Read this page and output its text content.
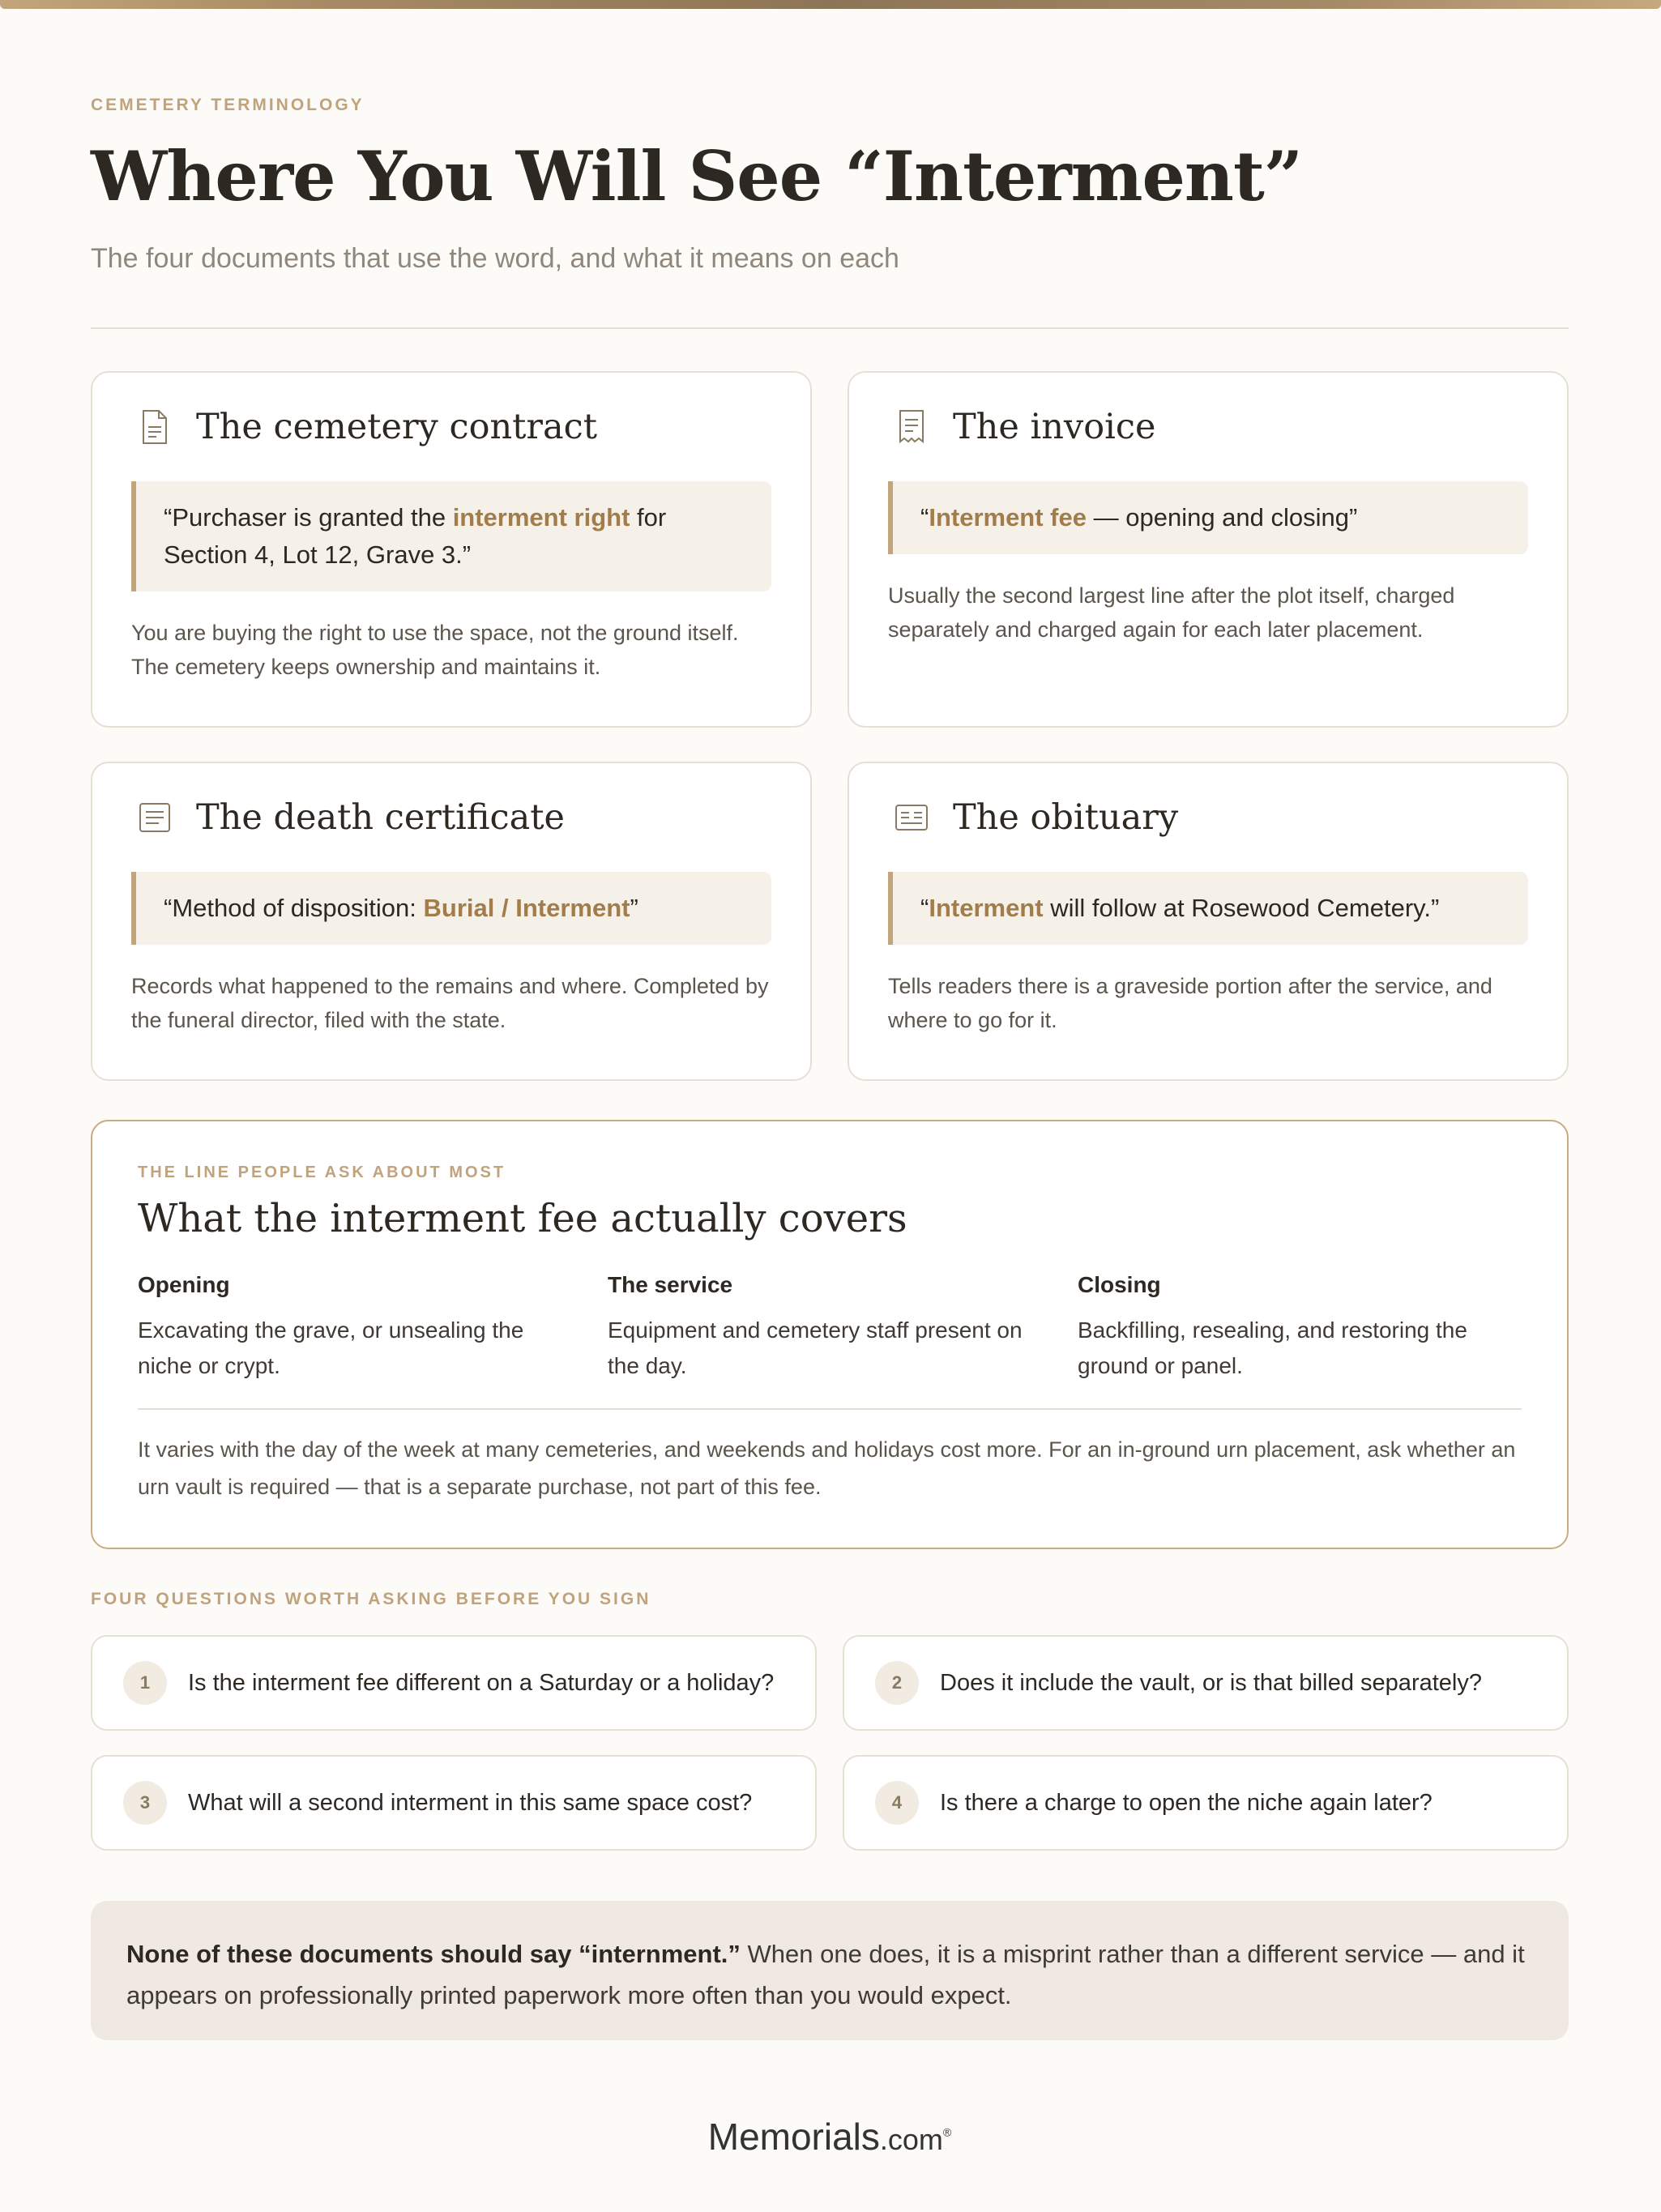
CEMETERY TERMINOLOGY
Where You Will See “Interment”
The four documents that use the word, and what it means on each
The cemetery contract
“Purchaser is granted the interment right for Section 4, Lot 12, Grave 3.”
You are buying the right to use the space, not the ground itself. The cemetery keeps ownership and maintains it.
The invoice
“Interment fee — opening and closing”
Usually the second largest line after the plot itself, charged separately and charged again for each later placement.
The death certificate
“Method of disposition: Burial / Interment”
Records what happened to the remains and where. Completed by the funeral director, filed with the state.
The obituary
“Interment will follow at Rosewood Cemetery.”
Tells readers there is a graveside portion after the service, and where to go for it.
THE LINE PEOPLE ASK ABOUT MOST
What the interment fee actually covers
Opening
Excavating the grave, or unsealing the niche or crypt.
The service
Equipment and cemetery staff present on the day.
Closing
Backfilling, resealing, and restoring the ground or panel.
It varies with the day of the week at many cemeteries, and weekends and holidays cost more. For an in-ground urn placement, ask whether an urn vault is required — that is a separate purchase, not part of this fee.
FOUR QUESTIONS WORTH ASKING BEFORE YOU SIGN
1	Is the interment fee different on a Saturday or a holiday?	2	Does it include the vault, or is that billed separately?
3	What will a second interment in this same space cost?	4	Is there a charge to open the niche again later?
None of these documents should say “internment.” When one does, it is a misprint rather than a different service — and it appears on professionally printed paperwork more often than you would expect.
Memorials.com®
